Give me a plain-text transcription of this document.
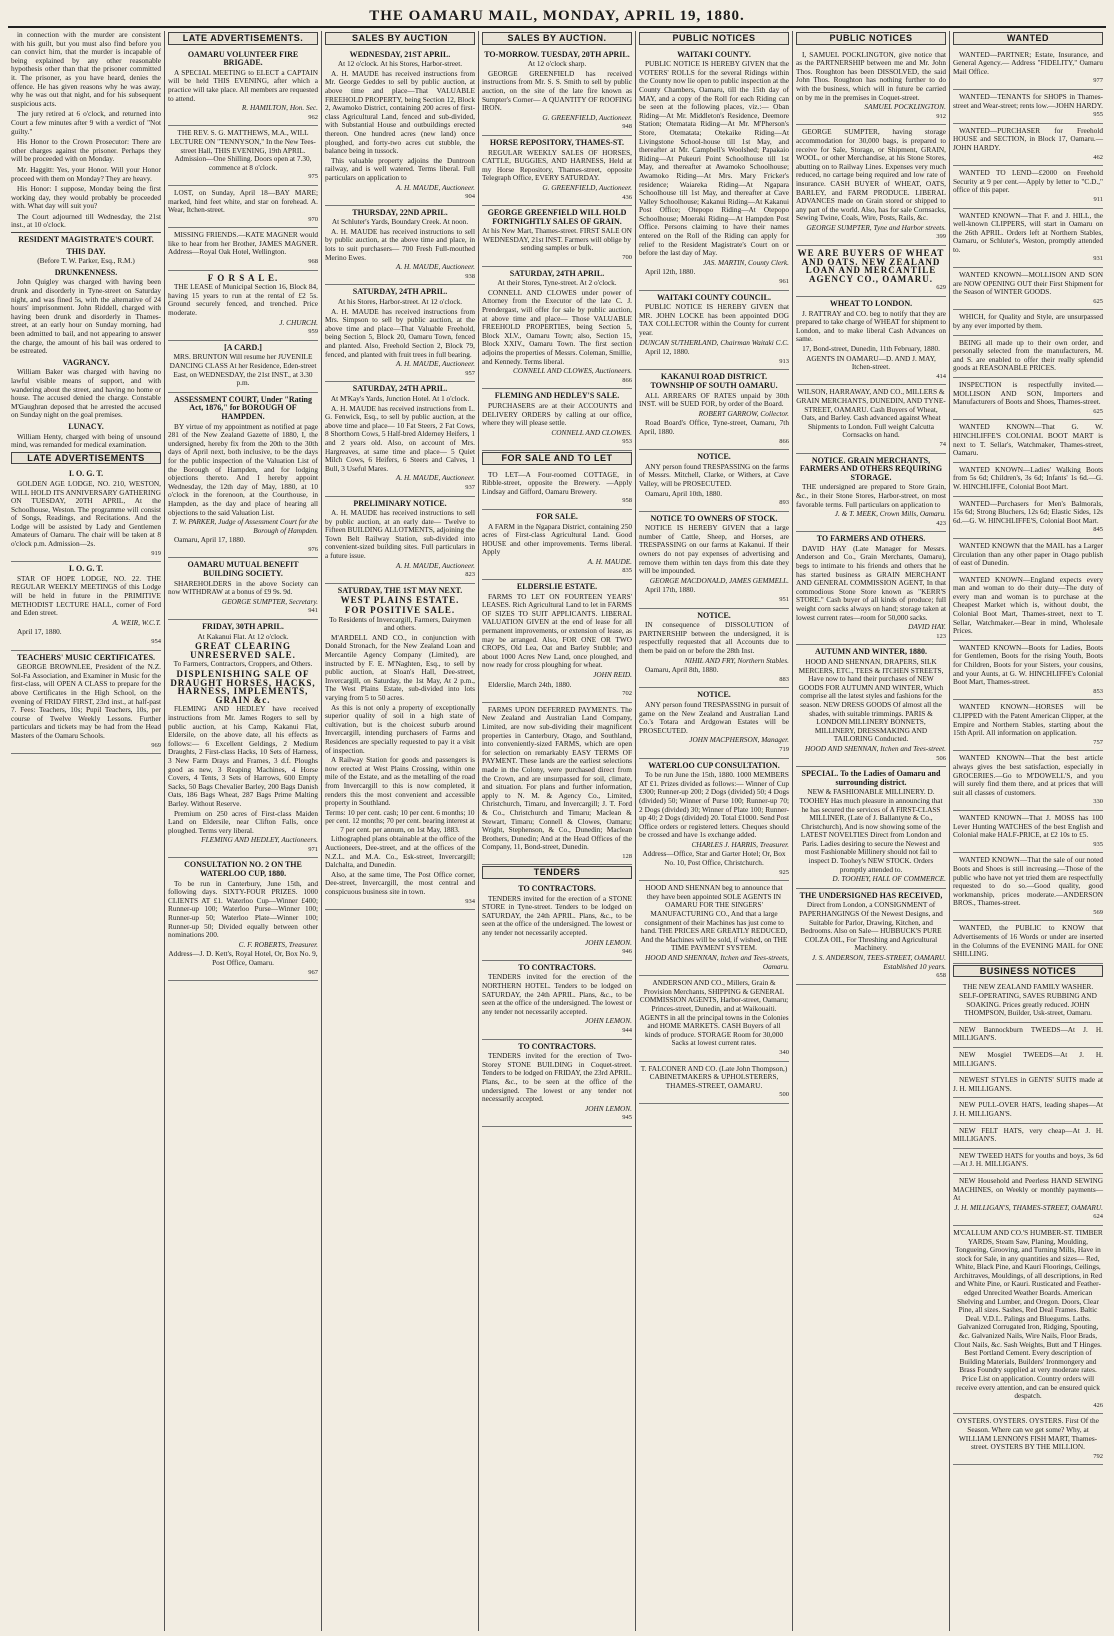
THE OAMARU MAIL, MONDAY, APRIL 19, 1880.

in connection with the murder are consistent with his guilt, but you must also find before you can convict him, that the murder is incapable of being explained by any other reasonable hypothesis other than that the prisoner committed it. The prisoner, as you have heard, denies the offence. He has given reasons why he was away, why he was out that night, and for his subsequent suspicious acts.

The jury retired at 6 o'clock, and returned into Court a few minutes after 9 with a verdict of "Not guilty."

His Honor to the Crown Prosecutor: There are other charges against the prisoner. Perhaps they will be proceeded with on Monday.

Mr. Haggitt: Yes, your Honor. Will your Honor proceed with them on Monday? They are heavy.

His Honor: I suppose, Monday being the first working day, they would probably be proceeded with. What day will suit you?

The Court adjourned till Wednesday, the 21st inst., at 10 o'clock.

RESIDENT MAGISTRATE'S COURT.
THIS DAY.

(Before T. W. Parker, Esq., R.M.)

DRUNKENNESS.

John Quigley was charged with having been drunk and disorderly in Tyne-street on Saturday night, and was fined 5s, with the alternative of 24 hours' imprisonment. John Riddell, charged with having been drunk and disorderly in Thames-street, at an early hour on Sunday morning, had been admitted to bail, and not appearing to answer the charge, the amount of his bail was ordered to be estreated.

VAGRANCY.

William Baker was charged with having no lawful visible means of support, and with wandering about the street, and having no home or house. The accused denied the charge. Constable M'Gaughran deposed that he arrested the accused on Sunday night on the goal premises.

LUNACY.

William Henty, charged with being of unsound mind, was remanded for medical examination.

LATE ADVERTISEMENTS
I. O. G. T.

GOLDEN AGE LODGE, NO. 210, WESTON, WILL HOLD ITS ANNIVERSARY GATHERING ON TUESDAY, 20TH APRIL, At the Schoolhouse, Weston. The programme will consist of Songs, Readings, and Recitations. And the Lodge will be assisted by Lady and Gentlemen Amateurs of Oamaru. The chair will be taken at 8 o'clock p.m. Admission—2s.

919
I. O. G. T.

STAR OF HOPE LODGE, NO. 22. THE REGULAR WEEKLY MEETINGS of this Lodge will be held in future in the PRIMITIVE METHODIST LECTURE HALL, corner of Ford and Eden street.

A. WEIR, W.C.T.

April 17, 1880.

954
TEACHERS' MUSIC CERTIFICATES.

GEORGE BROWNLEE, President of the N.Z. Sol-Fa Association, and Examiner in Music for the first-class, will OPEN A CLASS to prepare for the above Certificates in the High School, on the evening of FRIDAY FIRST, 23rd inst., at half-past 7. Fees: Teachers, 10s; Pupil Teachers, 10s, per course of Twelve Weekly Lessons. Further particulars and tickets may be had from the Head Masters of the Oamaru Schools.

969
LATE ADVERTISEMENTS.
OAMARU VOLUNTEER FIRE BRIGADE.

A SPECIAL MEETING to ELECT a CAPTAIN will be held THIS EVENING, after which a practice will take place. All members are requested to attend.

R. HAMILTON, Hon. Sec.

962

THE REV. S. G. MATTHEWS, M.A., WILL LECTURE ON "TENNYSON," In the New Tees-street Hall, THIS EVENING, 19th APRIL. Admission—One Shilling. Doors open at 7.30, commence at 8 o'clock.

975

LOST, on Sunday, April 18—BAY MARE; marked, hind feet white, and star on forehead. A. Wear, Itchen-street.

970

MISSING FRIENDS.—KATE MAGNER would like to hear from her Brother, JAMES MAGNER. Address—Royal Oak Hotel, Wellington.

968

F O R S A L E.

THE LEASE of Municipal Section 16, Block 84, having 15 years to run at the rental of £2 5s. Ground securely fenced, and trenched. Price moderate.

J. CHURCH.

959
[A CARD.]

MRS. BRUNTON Will resume her JUVENILE DANCING CLASS At her Residence, Eden-street East, on WEDNESDAY, the 21st INST., at 3.30 p.m.

ASSESSMENT COURT, Under "Rating Act, 1876," for BOROUGH OF HAMPDEN.

BY virtue of my appointment as notified at page 281 of the New Zealand Gazette of 1880, I, the undersigned, hereby fix from the 20th to the 30th days of April next, both inclusive, to be the days for the public inspection of the Valuation List of the Borough of Hampden, and for lodging objections thereto. And I hereby appoint Wednesday, the 12th day of May, 1880, at 10 o'clock in the forenoon, at the Courthouse, in Hampden, as the day and place of hearing all objections to the said Valuation List.

T. W. PARKER, Judge of Assessment Court for the Borough of Hampden.

Oamaru, April 17, 1880.

976
OAMARU MUTUAL BENEFIT BUILDING SOCIETY.

SHAREHOLDERS in the above Society can now WITHDRAW at a bonus of £9 9s. 9d.

GEORGE SUMPTER, Secretary.

941
FRIDAY, 30TH APRIL.

At Kakanui Flat. At 12 o'clock.

GREAT CLEARING UNRESERVED SALE.

To Farmers, Contractors, Croppers, and Others.

DISPLENISHING SALE OF DRAUGHT HORSES, HACKS, HARNESS, IMPLEMENTS, GRAIN &c.

FLEMING AND HEDLEY have received instructions from Mr. James Rogers to sell by public auction, at his Camp, Kakanui Flat, Eldersile, on the above date, all his effects as follows:— 6 Excellent Geldings, 2 Medium Draughts, 2 First-class Hacks, 10 Sets of Harness, 3 New Farm Drays and Frames, 3 d.f. Ploughs good as new, 3 Reaping Machines, 4 Horse Covers, 4 Tents, 3 Sets of Harrows, 600 Empty Sacks, 50 Bags Chevalier Barley, 200 Bags Danish Oats, 186 Bags Wheat, 287 Bags Prime Malting Barley. Without Reserve.

Premium on 250 acres of First-class Maiden Land on Eldersile, near Clifton Falls, once ploughed. Terms very liberal.

FLEMING AND HEDLEY, Auctioneers.

971
CONSULTATION NO. 2 ON THE WATERLOO CUP, 1880.

To be run in Canterbury, June 15th, and following days. SIXTY-FOUR PRIZES. 1000 CLIENTS AT £1. Waterloo Cup—Winner £400; Runner-up 100; Waterloo Purse—Winner 100; Runner-up 50; Waterloo Plate—Winner 100; Runner-up 50; Divided equally between other nominations 200.

C. F. ROBERTS, Treasurer.

Address—J. D. Kett's, Royal Hotel, Or, Box No. 9, Post Office, Oamaru.

967
SALES BY AUCTION
WEDNESDAY, 21ST APRIL.

At 12 o'clock. At his Stores, Harbor-street.

A. H. MAUDE has received instructions from Mr. George Geddes to sell by public auction, at above time and place—That VALUABLE FREEHOLD PROPERTY, being Section 12, Block 2, Awamoko District, containing 200 acres of first-class Agricultural Land, fenced and sub-divided, with Substantial House and outbuildings erected thereon. One hundred acres (new land) once ploughed, and forty-two acres cut stubble, the balance being in tussock.

This valuable property adjoins the Duntroon railway, and is well watered. Terms liberal. Full particulars on application to

A. H. MAUDE, Auctioneer.

904
THURSDAY, 22ND APRIL.

At Schluter's Yards, Boundary Creek. At noon.

A. H. MAUDE has received instructions to sell by public auction, at the above time and place, in lots to suit purchasers— 700 Fresh Full-mouthed Merino Ewes.

A. H. MAUDE, Auctioneer.

938
SATURDAY, 24TH APRIL.

At his Stores, Harbor-street. At 12 o'clock.

A. H. MAUDE has received instructions from Mrs. Simpson to sell by public auction, at the above time and place—That Valuable Freehold, being Section 5, Block 20, Oamaru Town, fenced and planted. Also, Freehold Section 2, Block 79, fenced, and planted with fruit trees in full bearing.

A. H. MAUDE, Auctioneer.

957
SATURDAY, 24TH APRIL.

At M'Kay's Yards, Junction Hotel. At 1 o'clock.

A. H. MAUDE has received instructions from L. G. Fenwick, Esq., to sell by public auction, at the above time and place— 10 Fat Steers, 2 Fat Cows, 8 Shorthorn Cows, 5 Half-bred Alderney Heifers, 1 and 2 years old. Also, on account of Mrs. Hargreaves, at same time and place— 5 Quiet Milch Cows, 6 Heifers, 6 Steers and Calves, 1 Bull, 3 Useful Mares.

A. H. MAUDE, Auctioneer.

937
PRELIMINARY NOTICE.

A. H. MAUDE has received instructions to sell by public auction, at an early date— Twelve to Fifteen BUILDING ALLOTMENTS, adjoining the Town Belt Railway Station, sub-divided into convenient-sized building sites. Full particulars in a future issue.

A. H. MAUDE, Auctioneer.

823
SATURDAY, THE 1ST MAY NEXT.

WEST PLAINS ESTATE.

FOR POSITIVE SALE.

To Residents of Invercargill, Farmers, Dairymen and others.

M'ARDELL AND CO., in conjunction with Donald Stronach, for the New Zealand Loan and Mercantile Agency Company (Limited), are instructed by F. E. M'Naghten, Esq., to sell by public auction, at Sloan's Hall, Dee-street, Invercargill, on Saturday, the 1st May, At 2 p.m., The West Plains Estate, sub-divided into lots varying from 5 to 50 acres.

As this is not only a property of exceptionally superior quality of soil in a high state of cultivation, but is the choicest suburb around Invercargill, intending purchasers of Farms and Residences are specially requested to pay it a visit of inspection.

A Railway Station for goods and passengers is now erected at West Plains Crossing, within one mile of the Estate, and as the metalling of the road from Invercargill to this is now completed, it renders this the most convenient and accessible property in Southland.

Terms: 10 per cent. cash; 10 per cent. 6 months; 10 per cent. 12 months; 70 per cent. bearing interest at 7 per cent. per annum, on 1st May, 1883.

Lithographed plans obtainable at the office of the Auctioneers, Dee-street, and at the offices of the N.Z.L. and M.A. Co., Esk-street, Invercargill; Dalchalta, and Dunedin.

Also, at the same time, The Post Office corner, Dee-street, Invercargill, the most central and conspicuous business site in town.

934
SALES BY AUCTION.
TO-MORROW. TUESDAY, 20TH APRIL.

At 12 o'clock sharp.

GEORGE GREENFIELD has received instructions from Mr. S. S. Smith to sell by public auction, on the site of the late fire known as Sumpter's Corner— A QUANTITY OF ROOFING IRON.

G. GREENFIELD, Auctioneer.

948
HORSE REPOSITORY, THAMES-ST.

REGULAR WEEKLY SALES OF HORSES, CATTLE, BUGGIES, AND HARNESS, Held at my Horse Repository, Thames-street, opposite Telegraph Office, EVERY SATURDAY.

G. GREENFIELD, Auctioneer.

436
GEORGE GREENFIELD WILL HOLD FORTNIGHTLY SALES OF GRAIN.

At his New Mart, Thames-street. FIRST SALE ON WEDNESDAY, 21st INST. Farmers will oblige by sending samples or bulk.

700
SATURDAY, 24TH APRIL.

At their Stores, Tyne-street. At 2 o'clock.

CONNELL AND CLOWES under power of Attorney from the Executor of the late C. J. Prendergast, will offer for sale by public auction, at above time and place— Those VALUABLE FREEHOLD PROPERTIES, being Section 5, Block XLV., Oamaru Town; also, Section 15, Block XXIV., Oamaru Town. The first section adjoins the properties of Messrs. Coleman, Smillie, and Kennedy. Terms liberal.

CONNELL AND CLOWES, Auctioneers.

866
FLEMING AND HEDLEY'S SALE.

PURCHASERS are at their ACCOUNTS and DELIVERY ORDERS by calling at our office, where they will please settle.

CONNELL AND CLOWES.

953
FOR SALE AND TO LET

TO LET—A Four-roomed COTTAGE, in Ribble-street, opposite the Brewery. —Apply Lindsay and Gifford, Oamaru Brewery.

958
FOR SALE.

A FARM in the Ngapara District, containing 250 acres of First-class Agricultural Land. Good HOUSE and other improvements. Terms liberal. Apply

A. H. MAUDE.

835
ELDERSLIE ESTATE.

FARMS TO LET ON FOURTEEN YEARS' LEASES. Rich Agricultural Land to let in FARMS OF SIZES TO SUIT APPLICANTS. LIBERAL VALUATION GIVEN at the end of lease for all permanent improvements, or extension of lease, as may be arranged. Also, FOR ONE OR TWO CROPS, Old Lea, Oat and Barley Stubble; and about 1000 Acres New Land, once ploughed, and now ready for cross ploughing for wheat.

JOHN REID.

Elderslie, March 24th, 1880.

702

FARMS UPON DEFERRED PAYMENTS. The New Zealand and Australian Land Company, Limited, are now sub-dividing their magnificent properties in Canterbury, Otago, and Southland, into conveniently-sized FARMS, which are open for selection on remarkably EASY TERMS OF PAYMENT. These lands are the earliest selections made in the Colony, were purchased direct from the Crown, and are unsurpassed for soil, climate, and situation. For plans and further information, apply to N. M. & Agency Co., Limited, Christchurch, Timaru, and Invercargill; J. T. Ford & Co., Christchurch and Timaru; Maclean & Stewart, Timaru; Connell & Clowes, Oamaru; Wright, Stephenson, & Co., Dunedin; Maclean Brothers, Dunedin; And at the Head Offices of the Company, 11, Bond-street, Dunedin.

128
TENDERS
TO CONTRACTORS.

TENDERS invited for the erection of a STONE STORE in Tyne-street. Tenders to be lodged on SATURDAY, the 24th APRIL. Plans, &c., to be seen at the office of the undersigned. The lowest or any tender not necessarily accepted.

JOHN LEMON.

946
TO CONTRACTORS.

TENDERS invited for the erection of the NORTHERN HOTEL. Tenders to be lodged on SATURDAY, the 24th APRIL. Plans, &c., to be seen at the office of the undersigned. The lowest or any tender not necessarily accepted.

JOHN LEMON.

944
TO CONTRACTORS.

TENDERS invited for the erection of Two-Storey STONE BUILDING in Coquet-street. Tenders to be lodged on FRIDAY, the 23rd APRIL. Plans, &c., to be seen at the office of the undersigned. The lowest or any tender not necessarily accepted.

JOHN LEMON.

945
PUBLIC NOTICES
WAITAKI COUNTY.

PUBLIC NOTICE IS HEREBY GIVEN that the VOTERS' ROLLS for the several Ridings within the County now lie open to public inspection at the County Chambers, Oamaru, till the 15th day of MAY, and a copy of the Roll for each Riding can be seen at the following places, viz.:— Oban Riding—At Mr. Middleton's Residence, Deemore Station; Otematata Riding—At Mr. M'Pherson's Store, Otematata; Otekaike Riding—At Livingstone School-house till 1st May, and thereafter at Mr. Campbell's Woolshed; Papakaio Riding—At Pukeuri Point Schoolhouse till 1st May, and thereafter at Awamoko Schoolhouse; Awamoko Riding—At Mrs. Mary Fricker's residence; Waiareka Riding—At Ngapara Schoolhouse till 1st May, and thereafter at Cave Valley Schoolhouse; Kakanui Riding—At Kakanui Post Office; Otepopo Riding—At Otepopo Schoolhouse; Moeraki Riding—At Hampden Post Office. Persons claiming to have their names entered on the Roll of the Riding can apply for relief to the Resident Magistrate's Court on or before the last day of May.

JAS. MARTIN, County Clerk.

April 12th, 1880.

961
WAITAKI COUNTY COUNCIL.

PUBLIC NOTICE IS HEREBY GIVEN that MR. JOHN LOCKE has been appointed DOG TAX COLLECTOR within the County for current year.

DUNCAN SUTHERLAND, Chairman Waitaki C.C.

April 12, 1880.

913
KAKANUI ROAD DISTRICT. TOWNSHIP OF SOUTH OAMARU.

ALL ARREARS OF RATES unpaid by 30th INST. will be SUED FOR, by order of the Board.

ROBERT GARROW, Collector.

Road Board's Office, Tyne-street, Oamaru, 7th April, 1880.

866
NOTICE.

ANY person found TRESPASSING on the farms of Messrs. Mitchell, Clarke, or Withers, at Cave Valley, will be PROSECUTED.

Oamaru, April 10th, 1880.

893
NOTICE TO OWNERS OF STOCK.

NOTICE IS HEREBY GIVEN that a large number of Cattle, Sheep, and Horses, are TRESPASSING on our farms at Kakanui. If their owners do not pay expenses of advertising and remove them within ten days from this date they will be impounded.

GEORGE MACDONALD, JAMES GEMMELL.

April 17th, 1880.

951
NOTICE.

IN consequence of DISSOLUTION of PARTNERSHIP between the undersigned, it is respectfully requested that all Accounts due to them be paid on or before the 28th Inst.

NIHIL AND FRY, Northern Stables.

Oamaru, April 8th, 1880.

883
NOTICE.

ANY person found TRESPASSING in pursuit of game on the New Zealand and Australian Land Co.'s Totara and Ardgowan Estates will be PROSECUTED.

JOHN MACPHERSON, Manager.

719
WATERLOO CUP CONSULTATION.

To be run June the 15th, 1880. 1000 MEMBERS AT £1. Prizes divided as follows:— Winner of Cup £300; Runner-up 200; 2 Dogs (divided) 50; 4 Dogs (divided) 50; Winner of Purse 100; Runner-up 70; 2 Dogs (divided) 30; Winner of Plate 100; Runner-up 40; 2 Dogs (divided) 20. Total £1000. Send Post Office orders or registered letters. Cheques should be crossed and have 1s exchange added.

CHARLES J. HARRIS, Treasurer.

Address—Office, Star and Garter Hotel; Or, Box No. 10, Post Office, Christchurch.

925

HOOD AND SHENNAN beg to announce that they have been appointed SOLE AGENTS IN OAMARU FOR THE SINGERS' MANUFACTURING CO., And that a large consignment of their Machines has just come to hand. THE PRICES ARE GREATLY REDUCED, And the Machines will be sold, if wished, on THE TIME PAYMENT SYSTEM.

HOOD AND SHENNAN, Itchen and Tees-streets, Oamaru.

ANDERSON AND CO., Millers, Grain & Provision Merchants, SHIPPING & GENERAL COMMISSION AGENTS, Harbor-street, Oamaru; Princes-street, Dunedin, and at Waikouaiti. AGENTS in all the principal towns in the Colonies and HOME MARKETS. CASH Buyers of all kinds of produce. STORAGE Room for 30,000 Sacks at lowest current rates.

340

T. FALCONER AND CO. (Late John Thompson,) CABINETMAKERS & UPHOLSTERERS, THAMES-STREET, OAMARU.

500
PUBLIC NOTICES

I, SAMUEL POCKLINGTON, give notice that as the PARTNERSHIP between me and Mr. John Thos. Roughton has been DISSOLVED, the said John Thos. Roughton has nothing further to do with the business, which will in future be carried on by me in the premises in Coquet-street.

SAMUEL POCKLINGTON.

912

GEORGE SUMPTER, having storage accommodation for 30,000 bags, is prepared to receive for Sale, Storage, or Shipment, GRAIN, WOOL, or other Merchandise, at his Stone Stores, abutting on to Railway Lines. Expenses very much reduced, no cartage being required and low rate of insurance. CASH BUYER of WHEAT, OATS, BARLEY, and FARM PRODUCE. LIBERAL ADVANCES made on Grain stored or shipped to any part of the world. Also, has for sale Cornsacks, Sewing Twine, Coals, Wire, Posts, Rails, &c.

GEORGE SUMPTER, Tyne and Harbor streets.

399

WE ARE BUYERS OF WHEAT AND OATS. NEW ZEALAND LOAN AND MERCANTILE AGENCY CO., OAMARU.

629
WHEAT TO LONDON.

J. RATTRAY and CO. beg to notify that they are prepared to take charge of WHEAT for shipment to London, and to make liberal Cash Advances on same.

17, Bond-street, Dunedin, 11th February, 1880.

AGENTS IN OAMARU—D. AND J. MAY, Itchen-street.

414

WILSON, HARRAWAY, AND CO., MILLERS & GRAIN MERCHANTS, DUNEDIN, AND TYNE-STREET, OAMARU. Cash Buyers of Wheat, Oats, and Barley. Cash advanced against Wheat Shipments to London. Full weight Calcutta Cornsacks on hand.

74
NOTICE. GRAIN MERCHANTS, FARMERS AND OTHERS REQUIRING STORAGE.

THE undersigned are prepared to Store Grain, &c., in their Stone Stores, Harbor-street, on most favorable terms. Full particulars on application to

J. & T. MEEK, Crown Mills, Oamaru.

423
TO FARMERS AND OTHERS.

DAVID HAY (Late Manager for Messrs. Anderson and Co., Grain Merchants, Oamaru), begs to intimate to his friends and others that he has started business as GRAIN MERCHANT AND GENERAL COMMISSION AGENT, In that commodious Stone Store known as "KERR'S STORE." Cash buyer of all kinds of produce; full weight corn sacks always on hand; storage taken at lowest current rates—room for 50,000 sacks.

DAVID HAY.

123
AUTUMN AND WINTER, 1880.

HOOD AND SHENNAN, DRAPERS, SILK MERCERS, ETC., TEES & ITCHEN STREETS, Have now to hand their purchases of NEW GOODS FOR AUTUMN AND WINTER, Which comprise all the latest styles and fashions for the season. NEW DRESS GOODS Of almost all the shades, with suitable trimmings. PARIS & LONDON MILLINERY BONNETS, MILLINERY, DRESSMAKING AND TAILORING Conducted.

HOOD AND SHENNAN, Itchen and Tees-street.

506
SPECIAL. To the Ladies of Oamaru and surrounding district.

NEW & FASHIONABLE MILLINERY. D. TOOHEY Has much pleasure in announcing that he has secured the services of A FIRST-CLASS MILLINER, (Late of J. Ballantyne & Co., Christchurch), And is now showing some of the LATEST NOVELTIES Direct from London and Paris. Ladies desiring to secure the Newest and most Fashionable Millinery should not fail to inspect D. Toohey's NEW STOCK. Orders promptly attended to.

D. TOOHEY, HALL OF COMMERCE.

THE UNDERSIGNED HAS RECEIVED,

Direct from London, a CONSIGNMENT of PAPERHANGINGS Of the Newest Designs, and Suitable for Parlor, Drawing, Kitchen, and Bedrooms. Also on Sale— HUBBUCK'S PURE COLZA OIL, For Threshing and Agricultural Machinery.

J. S. ANDERSON, TEES-STREET, OAMARU. Established 10 years.

658
WANTED

WANTED—PARTNER; Estate, Insurance, and General Agency.— Address "FIDELITY," Oamaru Mail Office.

977

WANTED—TENANTS for SHOPS in Thames-street and Wear-street; rents low.—JOHN HARDY.

955

WANTED—PURCHASER for Freehold HOUSE and SECTION, in Block 17, Oamaru.—JOHN HARDY.

462

WANTED TO LEND—£2000 on Freehold Security at 9 per cent.—Apply by letter to "C.D.," office of this paper.

911

WANTED KNOWN—That F. and J. HILL, the well-known CLIPPERS, will start in Oamaru on the 26th APRIL. Orders left at Northern Stables, Oamaru, or Schluter's, Weston, promptly attended to.

931

WANTED KNOWN—MOLLISON AND SON are NOW OPENING OUT their First Shipment for the Season of WINTER GOODS.

625

WHICH, for Quality and Style, are unsurpassed by any ever imported by them.

BEING all made up to their own order, and personally selected from the manufacturers, M. and S. are enabled to offer their really splendid goods at REASONABLE PRICES.

INSPECTION is respectfully invited.— MOLLISON AND SON, Importers and Manufacturers of Boots and Shoes, Thames-street.

625

WANTED KNOWN—That G. W. HINCHLIFFE'S COLONIAL BOOT MART is next to T. Sellar's, Watchmaker, Thames-street, Oamaru.

WANTED KNOWN—Ladies' Walking Boots from 5s 6d; Children's, 3s 6d; Infants' 1s 6d.—G. W. HINCHLIFFE, Colonial Boot Mart.

WANTED—Purchasers for Men's Balmorals, 15s 6d; Strong Bluchers, 12s 6d; Elastic Sides, 12s 6d.—G. W. HINCHLIFFE'S, Colonial Boot Mart.

845

WANTED KNOWN that the MAIL has a Larger Circulation than any other paper in Otago publish of east of Dunedin.

WANTED KNOWN—England expects every man and woman to do their duty—The duty of every man and woman is to purchase at the Cheapest Market which is, without doubt, the Colonial Boot Mart, Thames-street, next to T. Sellar, Watchmaker.—Bear in mind, Wholesale Prices.

WANTED KNOWN—Boots for Ladies, Boots for Gentlemen, Boots for the rising Youth, Boots for Children, Boots for your Sisters, your cousins, and your Aunts, at G. W. HINCHLIFFE's Colonial Boot Mart, Thames-street.

853

WANTED KNOWN—HORSES will be CLIPPED with the Patent American Clipper, at the Empire and Northern Stables, starting about the 15th April. All information on application.

757

WANTED KNOWN—That the best article always gives the best satisfaction, especially in GROCERIES.—Go to M'DOWELL'S, and you will surely find them there, and at prices that will suit all classes of customers.

330

WANTED KNOWN—That J. MOSS has 100 Lever Hunting WATCHES of the best English and Colonial make HALF-PRICE, at £2 10s to £5.

935

WANTED KNOWN—That the sale of our noted Boots and Shoes is still increasing.—Those of the public who have not yet tried them are respectfully requested to do so.—Good quality, good workmanship, prices moderate.—ANDERSON BROS., Thames-street.

569

WANTED, the PUBLIC to KNOW that Advertisements of 16 Words or under are inserted in the Columns of the EVENING MAIL for ONE SHILLING.

BUSINESS NOTICES

THE NEW ZEALAND FAMILY WASHER. SELF-OPERATING, SAVES RUBBING AND SOAKING. Prices greatly reduced. JOHN THOMPSON, Builder, Usk-street, Oamaru.

NEW Bannockburn TWEEDS—At J. H. MILLIGAN'S.

NEW Mosgiel TWEEDS—At J. H. MILLIGAN'S.

NEWEST STYLES in GENTS' SUITS made at J. H. MILLIGAN'S.

NEW PULL-OVER HATS, leading shapes—At J. H. MILLIGAN'S.

NEW FELT HATS, very cheap—At J. H. MILLIGAN'S.

NEW TWEED HATS for youths and boys, 3s 6d—At J. H. MILLIGAN'S.

NEW Household and Peerless HAND SEWING MACHINES, on Weekly or monthly payments—At

J. H. MILLIGAN'S, THAMES-STREET, OAMARU.

624

M'CALLUM AND CO.'S HUMBER-ST. TIMBER YARDS, Steam Saw, Planing, Moulding, Tongueing, Grooving, and Turning Mills, Have in stock for Sale, in any quantities and sizes— Red, White, Black Pine, and Kauri Floorings, Ceilings, Architraves, Mouldings, of all descriptions, in Red and White Pine, or Kauri. Rusticated and Feather-edged Unrecited Weather Boards. American Shelving and Lumber, and Oregon. Doors, Clear Pine, all sizes. Sashes, Red Deal Frames. Baltic Deal. V.D.L. Palings and Bluegums. Laths. Galvanized Corrugated Iron, Ridging, Spouting, &c. Galvanized Nails, Wire Nails, Floor Brads, Clout Nails, &c. Sash Weights, Butt and T Hinges. Best Portland Cement. Every description of Building Materials, Builders' Ironmongery and Brass Foundry supplied at very moderate rates. Price List on application. Country orders will receive every attention, and can be ensured quick despatch.

426

OYSTERS. OYSTERS. OYSTERS. First Of the Season. Where can we get some? Why, at WILLIAM LENNON'S FISH MART, Thames-street. OYSTERS BY THE MILLION.

792
